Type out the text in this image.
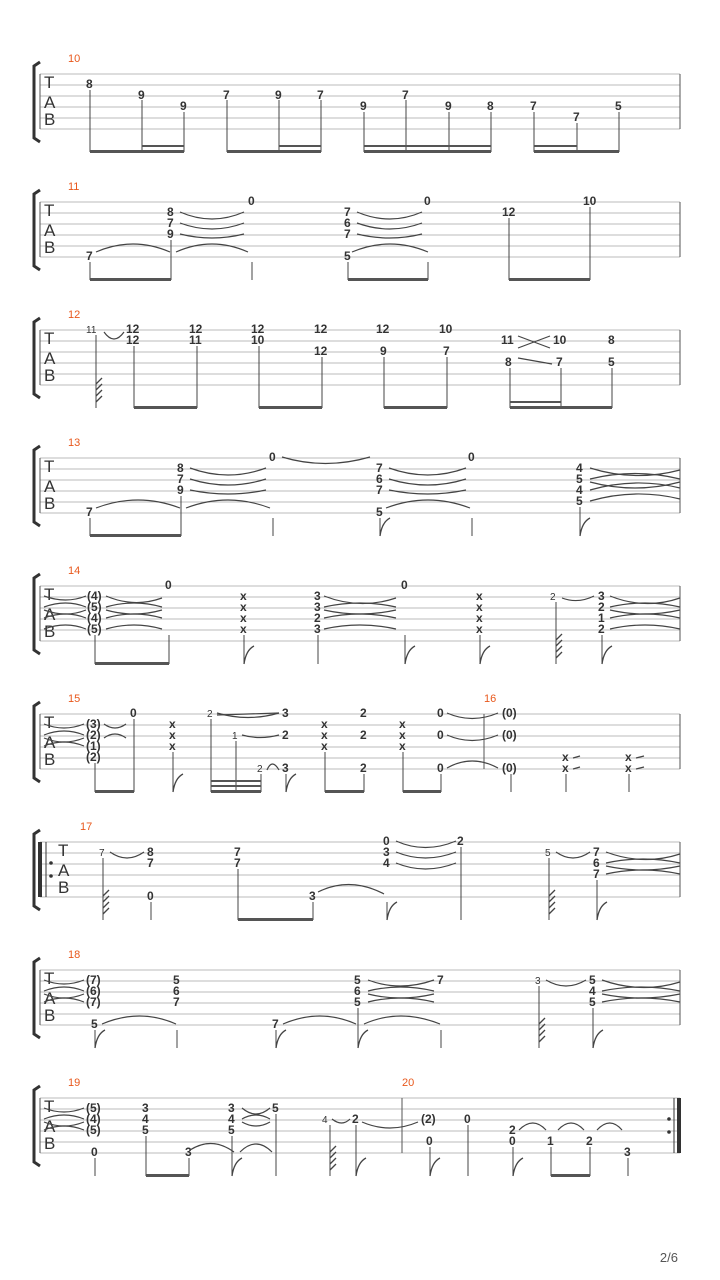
T
A
B
10
8
9
9
7	9	7
9
7
9	8	7
7
5
T
A
B
11
7
8
7
9
0
5
7
6
7
0
12
10
T
A
B
12
11 12
12
12
11
12
10
12
12
12
9
10
7
11
8
10
7
8
5
T
A
B
13
7
8
7
9
0
7
6
7
5
0
4
5
4
5
T
A
B
14
(4)
(5)
(4)
(5)
0
x
x
x
x
3
3
2
3
0
x
x
x
x
2	3
2
1
2
T
A
B
15	16
(3)
(2)
(1)
(2)
0
x
x
x
2	3
1	2
2 3
x
x
x
2
2
2
x
x
x
0
0
0
(0)
(0)
(0)
x
x
x
x
T
A
B
17
7	8
7
0
7
7
3
0
3
4
2
5	7
6
7
T
A
B
18
(7)
(6)
(7)
5
5
6
7
7
5
6
5
7	3	5
4
5
T
A
B
19	20
(5)
(4)
(5)
0
3
4
5
3
3
4
5
5
4 2	(2) 0
0
2
0	1	2
3
2/6
